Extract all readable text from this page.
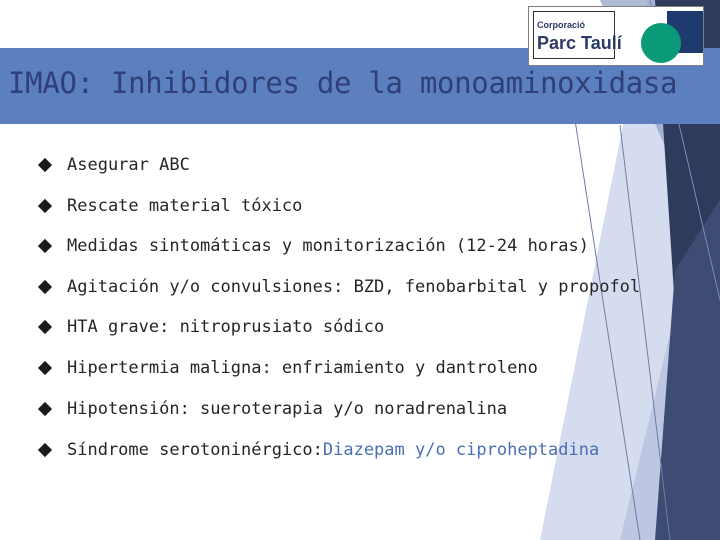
IMAO: Inhibidores de la monoaminoxidasa
Corporació
Parc Taulí
Asegurar ABC
Rescate material tóxico
Medidas sintomáticas y monitorización (12-24 horas)
Agitación y/o convulsiones: BZD, fenobarbital y propofol
HTA grave: nitroprusiato sódico
Hipertermia maligna: enfriamiento y dantroleno
Hipotensión: sueroterapia y/o noradrenalina
Síndrome serotoninérgico: Diazepam y/o ciproheptadina
